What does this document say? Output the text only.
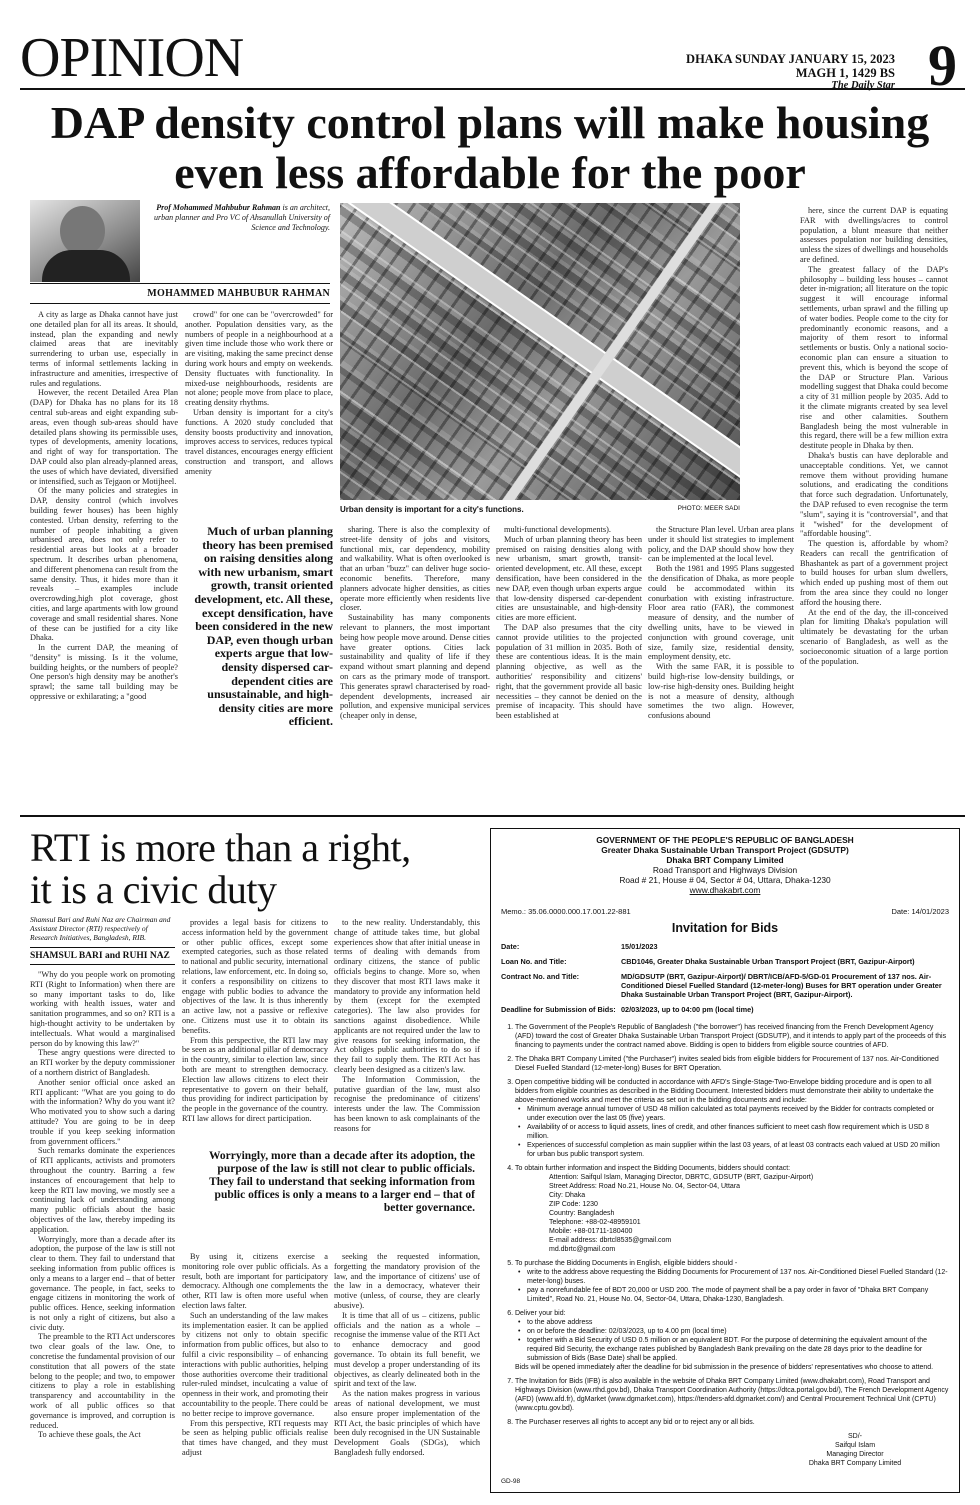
OPINION	DHAKA SUNDAY JANUARY 15, 2023
MAGH 1, 1429 BS
The Daily Star 9
DAP density control plans will make housing
even less affordable for the poor
Prof Mohammed Mahbubur Rahman is an architect, urban planner and Pro VC of Ahsanullah University of Science and Technology.
MOHAMMED MAHBUBUR RAHMAN
Urban density is important for a city's functions.	PHOTO: MEER SADI

A city as large as Dhaka cannot have just one detailed plan for all its areas. It should, instead, plan the expanding and newly claimed areas that are inevitably surrendering to urban use, especially in terms of informal settlements lacking in infrastructure and amenities, irrespective of rules and regulations.

However, the recent Detailed Area Plan (DAP) for Dhaka has no plans for its 18 central sub-areas and eight expanding sub-areas, even though sub-areas should have detailed plans showing its permissible uses, types of developments, amenity locations, and right of way for transportation. The DAP could also plan already-planned areas, the uses of which have deviated, diversified or intensified, such as Tejgaon or Motijheel.

Of the many policies and strategies in DAP, density control (which involves building fewer houses) has been highly contested. Urban density, referring to the number of people inhabiting a given urbanised area, does not only refer to residential areas but looks at a broader spectrum. It describes urban phenomena, and different phenomena can result from the same density. Thus, it hides more than it reveals – examples include overcrowding,high plot coverage, ghost cities, and large apartments with low ground coverage and small residential shares. None of these can be justified for a city like Dhaka.

In the current DAP, the meaning of "density" is missing. Is it the volume, building heights, or the numbers of people? One person's high density may be another's sprawl; the same tall building may be oppressive or exhilarating; a "good

crowd" for one can be "overcrowded" for another. Population densities vary, as the numbers of people in a neighbourhood at a given time include those who work there or are visiting, making the same precinct dense during work hours and empty on weekends. Density fluctuates with functionality. In mixed-use neighbourhoods, residents are not alone; people move from place to place, creating density rhythms.

Urban density is important for a city's functions. A 2020 study concluded that density boosts productivity and innovation, improves access to services, reduces typical travel distances, encourages energy efficient construction and transport, and allows amenity

Much of urban planning theory has been premised on raising densities along with new urbanism, smart growth, transit oriented development, etc. All these, except densification, have been considered in the new DAP, even though urban experts argue that low-density dispersed car-dependent cities are unsustainable, and high-density cities are more efficient.

sharing. There is also the complexity of street-life density of jobs and visitors, functional mix, car dependency, mobility and walkability. What is often overlooked is that an urban "buzz" can deliver huge socio-economic benefits. Therefore, many planners advocate higher densities, as cities operate more efficiently when residents live closer.

Sustainability has many components relevant to planners, the most important being how people move around. Dense cities have greater options. Cities lack sustainability and quality of life if they expand without smart planning and depend on cars as the primary mode of transport. This generates sprawl characterised by road-dependent developments, increased air pollution, and expensive municipal services (cheaper only in dense,

multi-functional developments).

Much of urban planning theory has been premised on raising densities along with new urbanism, smart growth, transit-oriented development, etc. All these, except densification, have been considered in the new DAP, even though urban experts argue that low-density dispersed car-dependent cities are unsustainable, and high-density cities are more efficient.

The DAP also presumes that the city cannot provide utilities to the projected population of 31 million in 2035. Both of these are contentious ideas. It is the main planning objective, as well as the authorities' responsibility and citizens' right, that the government provide all basic necessities – they cannot be denied on the premise of incapacity. This should have been established at

the Structure Plan level. Urban area plans under it should list strategies to implement policy, and the DAP should show how they can be implemented at the local level.

Both the 1981 and 1995 Plans suggested the densification of Dhaka, as more people could be accommodated within its conurbation with existing infrastructure. Floor area ratio (FAR), the commonest measure of density, and the number of dwelling units, have to be viewed in conjunction with ground coverage, unit size, family size, residential density, employment density, etc.

With the same FAR, it is possible to build high-rise low-density buildings, or low-rise high-density ones. Building height is not a measure of density, although sometimes the two align. However, confusions abound

here, since the current DAP is equating FAR with dwellings/acres to control population, a blunt measure that neither assesses population nor building densities, unless the sizes of dwellings and households are defined.

The greatest fallacy of the DAP's philosophy – building less houses – cannot deter in-migration; all literature on the topic suggest it will encourage informal settlements, urban sprawl and the filling up of water bodies. People come to the city for predominantly economic reasons, and a majority of them resort to informal settlements or bustis. Only a national socio-economic plan can ensure a situation to prevent this, which is beyond the scope of the DAP or Structure Plan. Various modelling suggest that Dhaka could become a city of 31 million people by 2035. Add to it the climate migrants created by sea level rise and other calamities. Southern Bangladesh being the most vulnerable in this regard, there will be a few million extra destitute people in Dhaka by then.

Dhaka's bustis can have deplorable and unacceptable conditions. Yet, we cannot remove them without providing humane solutions, and eradicating the conditions that force such degradation. Unfortunately, the DAP refused to even recognise the term "slum", saying it is "controversial", and that it "wished" for the development of "affordable housing".

The question is, affordable by whom? Readers can recall the gentrification of Bhashantek as part of a government project to build houses for urban slum dwellers, which ended up pushing most of them out from the area since they could no longer afford the housing there.

At the end of the day, the ill-conceived plan for limiting Dhaka's population will ultimately be devastating for the urban scenario of Bangladesh, as well as the socioeconomic situation of a large portion of the population.

RTI is more than a right,
it is a civic duty
Shamsul Bari and Ruhi Naz are Chairman and Assistant Director (RTI) respectively of Research Initiatives, Bangladesh, RIB.
SHAMSUL BARI and RUHI NAZ

"Why do you people work on promoting RTI (Right to Information) when there are so many important tasks to do, like working with health issues, water and sanitation programmes, and so on? RTI is a high-thought activity to be undertaken by intellectuals. What would a marginalised person do by knowing this law?"

These angry questions were directed to an RTI worker by the deputy commissioner of a northern district of Bangladesh.

Another senior official once asked an RTI applicant: "What are you going to do with the information? Why do you want it? Who motivated you to show such a daring attitude? You are going to be in deep trouble if you keep seeking information from government officers."

Such remarks dominate the experiences of RTI applicants, activists and promoters throughout the country. Barring a few instances of encouragement that help to keep the RTI law moving, we mostly see a continuing lack of understanding among many public officials about the basic objectives of the law, thereby impeding its application.

Worryingly, more than a decade after its adoption, the purpose of the law is still not clear to them. They fail to understand that seeking information from public offices is only a means to a larger end – that of better governance. The people, in fact, seeks to engage citizens in monitoring the work of public offices. Hence, seeking information is not only a right of citizens, but also a civic duty.

The preamble to the RTI Act underscores two clear goals of the law. One, to concretise the fundamental provision of our constitution that all powers of the state belong to the people; and two, to empower citizens to play a role in establishing transparency and accountability in the work of all public offices so that governance is improved, and corruption is reduced.

To achieve these goals, the Act

provides a legal basis for citizens to access information held by the government or other public offices, except some exempted categories, such as those related to national and public security, international relations, law enforcement, etc. In doing so, it confers a responsibility on citizens to engage with public bodies to advance the objectives of the law. It is thus inherently an active law, not a passive or reflexive one. Citizens must use it to obtain its benefits.

From this perspective, the RTI law may be seen as an additional pillar of democracy in the country, similar to election law, since both are meant to strengthen democracy. Election law allows citizens to elect their representative to govern on their behalf, thus providing for indirect participation by the people in the governance of the country. RTI law allows for direct participation.

to the new reality. Understandably, this change of attitude takes time, but global experiences show that after initial unease in terms of dealing with demands from ordinary citizens, the stance of public officials begins to change. More so, when they discover that most RTI laws make it mandatory to provide any information held by them (except for the exempted categories). The law also provides for sanctions against disobedience. While applicants are not required under the law to give reasons for seeking information, the Act obliges public authorities to do so if they fail to supply them. The RTI Act has clearly been designed as a citizen's law.

The Information Commission, the putative guardian of the law, must also recognise the predominance of citizens' interests under the law. The Commission has been known to ask complainants of the reasons for

Worryingly, more than a decade after its adoption, the purpose of the law is still not clear to public officials. They fail to understand that seeking information from public offices is only a means to a larger end – that of better governance.

By using it, citizens exercise a monitoring role over public officials. As a result, both are important for participatory democracy. Although one complements the other, RTI law is often more useful when election laws falter.

Such an understanding of the law makes its implementation easier. It can be applied by citizens not only to obtain specific information from public offices, but also to fulfil a civic responsibility – of enhancing interactions with public authorities, helping those authorities overcome their traditional ruler-ruled mindset, inculcating a value of openness in their work, and promoting their accountability to the people. There could be no better recipe to improve governance.

From this perspective, RTI requests may be seen as helping public officials realise that times have changed, and they must adjust

seeking the requested information, forgetting the mandatory provision of the law, and the importance of citizens' use of the law in a democracy, whatever their motive (unless, of course, they are clearly abusive).

It is time that all of us – citizens, public officials and the nation as a whole – recognise the immense value of the RTI Act to enhance democracy and good governance. To obtain its full benefit, we must develop a proper understanding of its objectives, as clearly delineated both in the spirit and text of the law.

As the nation makes progress in various areas of national development, we must also ensure proper implementation of the RTI Act, the basic principles of which have been duly recognised in the UN Sustainable Development Goals (SDGs), which Bangladesh fully endorsed.

GOVERNMENT OF THE PEOPLE'S REPUBLIC OF BANGLADESH
Greater Dhaka Sustainable Urban Transport Project (GDSUTP)
Dhaka BRT Company Limited
Road Transport and Highways Division
Road # 21, House # 04, Sector # 04, Uttara, Dhaka-1230
www.dhakabrt.com
Memo.: 35.06.0000.000.17.001.22-881	Date: 14/01/2023
Invitation for Bids
Date:	15/01/2023
Loan No. and Title:	CBD1046, Greater Dhaka Sustainable Urban Transport Project (BRT, Gazipur-Airport)
Contract No. and Title:	MD/GDSUTP (BRT, Gazipur-Airport)/ DBRT/ICB/AFD-5/GD-01 Procurement of 137 nos. Air-Conditioned Diesel Fuelled Standard (12-meter-long) Buses for BRT operation under Greater Dhaka Sustainable Urban Transport Project (BRT, Gazipur-Airport).
Deadline for Submission of Bids:	02/03/2023, up to 04:00 pm (local time)
1. The Government of the People's Republic of Bangladesh ("the borrower") has received financing from the French Development Agency (AFD) toward the cost of Greater Dhaka Sustainable Urban Transport Project (GDSUTP), and it intends to apply part of the proceeds of this financing to payments under the contract named above. Bidding is open to bidders from eligible source countries of AFD.
2. The Dhaka BRT Company Limited ("the Purchaser") invites sealed bids from eligible bidders for Procurement of 137 nos. Air-Conditioned Diesel Fuelled Standard (12-meter-long) Buses for BRT Operation.
3. Open competitive bidding will be conducted in accordance with AFD's Single-Stage-Two-Envelope bidding procedure and is open to all bidders from eligible countries as described in the Bidding Document. Interested bidders must demonstrate their ability to undertake the above-mentioned works and meet the criteria as set out in the bidding documents and include:
• Minimum average annual turnover of USD 48 million calculated as total payments received by the Bidder for contracts completed or under execution over the last 05 (five) years.
• Availability of or access to liquid assets, lines of credit, and other finances sufficient to meet cash flow requirement which is USD 8 million.
• Experiences of successful completion as main supplier within the last 03 years, of at least 03 contracts each valued at USD 20 million for urban bus public transport system.
4. To obtain further information and inspect the Bidding Documents, bidders should contact:
Attention: Saifqul Islam, Managing Director, DBRTC, GDSUTP (BRT, Gazipur-Airport)
Street Address: Road No.21, House No. 04, Sector-04, Uttara
City: Dhaka
ZIP Code: 1230
Country: Bangladesh
Telephone: +88-02-48959101
Mobile: +88-01711-180400
E-mail address: dbrtcl8535@gmail.com
md.dbrtc@gmail.com
5. To purchase the Bidding Documents in English, eligible bidders should -
• write to the address above requesting the Bidding Documents for Procurement of 137 nos. Air-Conditioned Diesel Fuelled Standard (12-meter-long) buses.
• pay a nonrefundable fee of BDT 20,000 or USD 200. The mode of payment shall be a pay order in favor of "Dhaka BRT Company Limited", Road No. 21, House No. 04, Sector-04, Uttara, Dhaka-1230, Bangladesh.
6. Deliver your bid:
• to the above address
• on or before the deadline: 02/03/2023, up to 4.00 pm (local time)
• together with a Bid Security of USD 0.5 million or an equivalent BDT. For the purpose of determining the equivalent amount of the required Bid Security, the exchange rates published by Bangladesh Bank prevailing on the date 28 days prior to the deadline for submission of Bids (Base Date) shall be applied.
Bids will be opened immediately after the deadline for bid submission in the presence of bidders' representatives who choose to attend.
7. The Invitation for Bids (IFB) is also available in the website of Dhaka BRT Company Limited (www.dhakabrt.com), Road Transport and Highways Division (www.rthd.gov.bd), Dhaka Transport Coordination Authority (https://dtca.portal.gov.bd/), The French Development Agency (AFD) (www.afd.fr), dgMarket (www.dgmarket.com), https://tenders-afd.dgmarket.com/) and Central Procurement Technical Unit (CPTU) (www.cptu.gov.bd).
8. The Purchaser reserves all rights to accept any bid or to reject any or all bids.
SD/-
Saifqul Islam
Managing Director
Dhaka BRT Company Limited
GD-98
